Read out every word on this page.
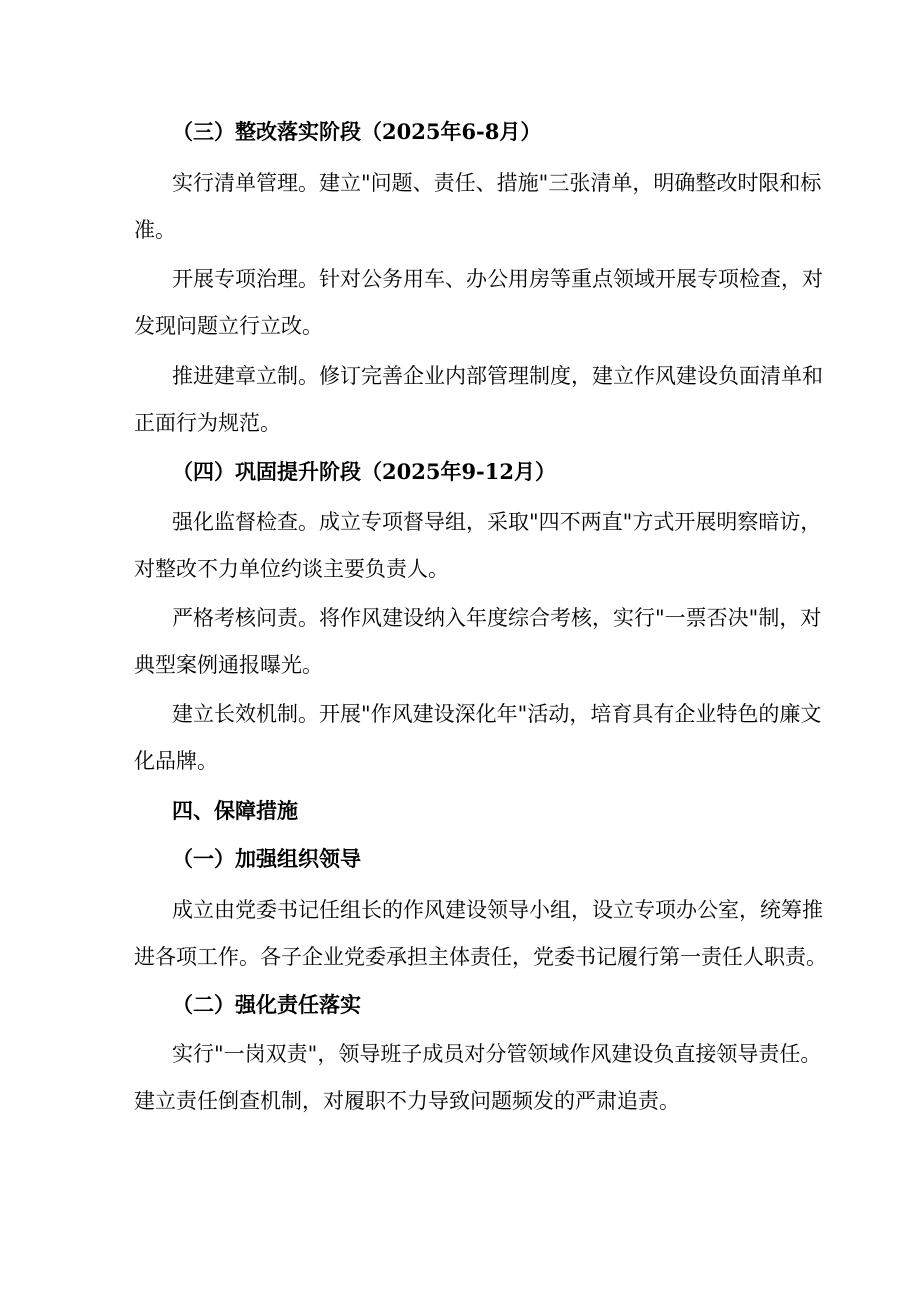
（三）整改落实阶段（2025年6-8月）
实行清单管理。建立"问题、责任、措施"三张清单，明确整改时限和标
准。
开展专项治理。针对公务用车、办公用房等重点领域开展专项检查，对
发现问题立行立改。
推进建章立制。修订完善企业内部管理制度，建立作风建设负面清单和
正面行为规范。
（四）巩固提升阶段（2025年9-12月）
强化监督检查。成立专项督导组，采取"四不两直"方式开展明察暗访，
对整改不力单位约谈主要负责人。
严格考核问责。将作风建设纳入年度综合考核，实行"一票否决"制，对
典型案例通报曝光。
建立长效机制。开展"作风建设深化年"活动，培育具有企业特色的廉文
化品牌。
四、保障措施
（一）加强组织领导
成立由党委书记任组长的作风建设领导小组，设立专项办公室，统筹推
进各项工作。各子企业党委承担主体责任，党委书记履行第一责任人职责。
（二）强化责任落实
实行"一岗双责"，领导班子成员对分管领域作风建设负直接领导责任。
建立责任倒查机制，对履职不力导致问题频发的严肃追责。
